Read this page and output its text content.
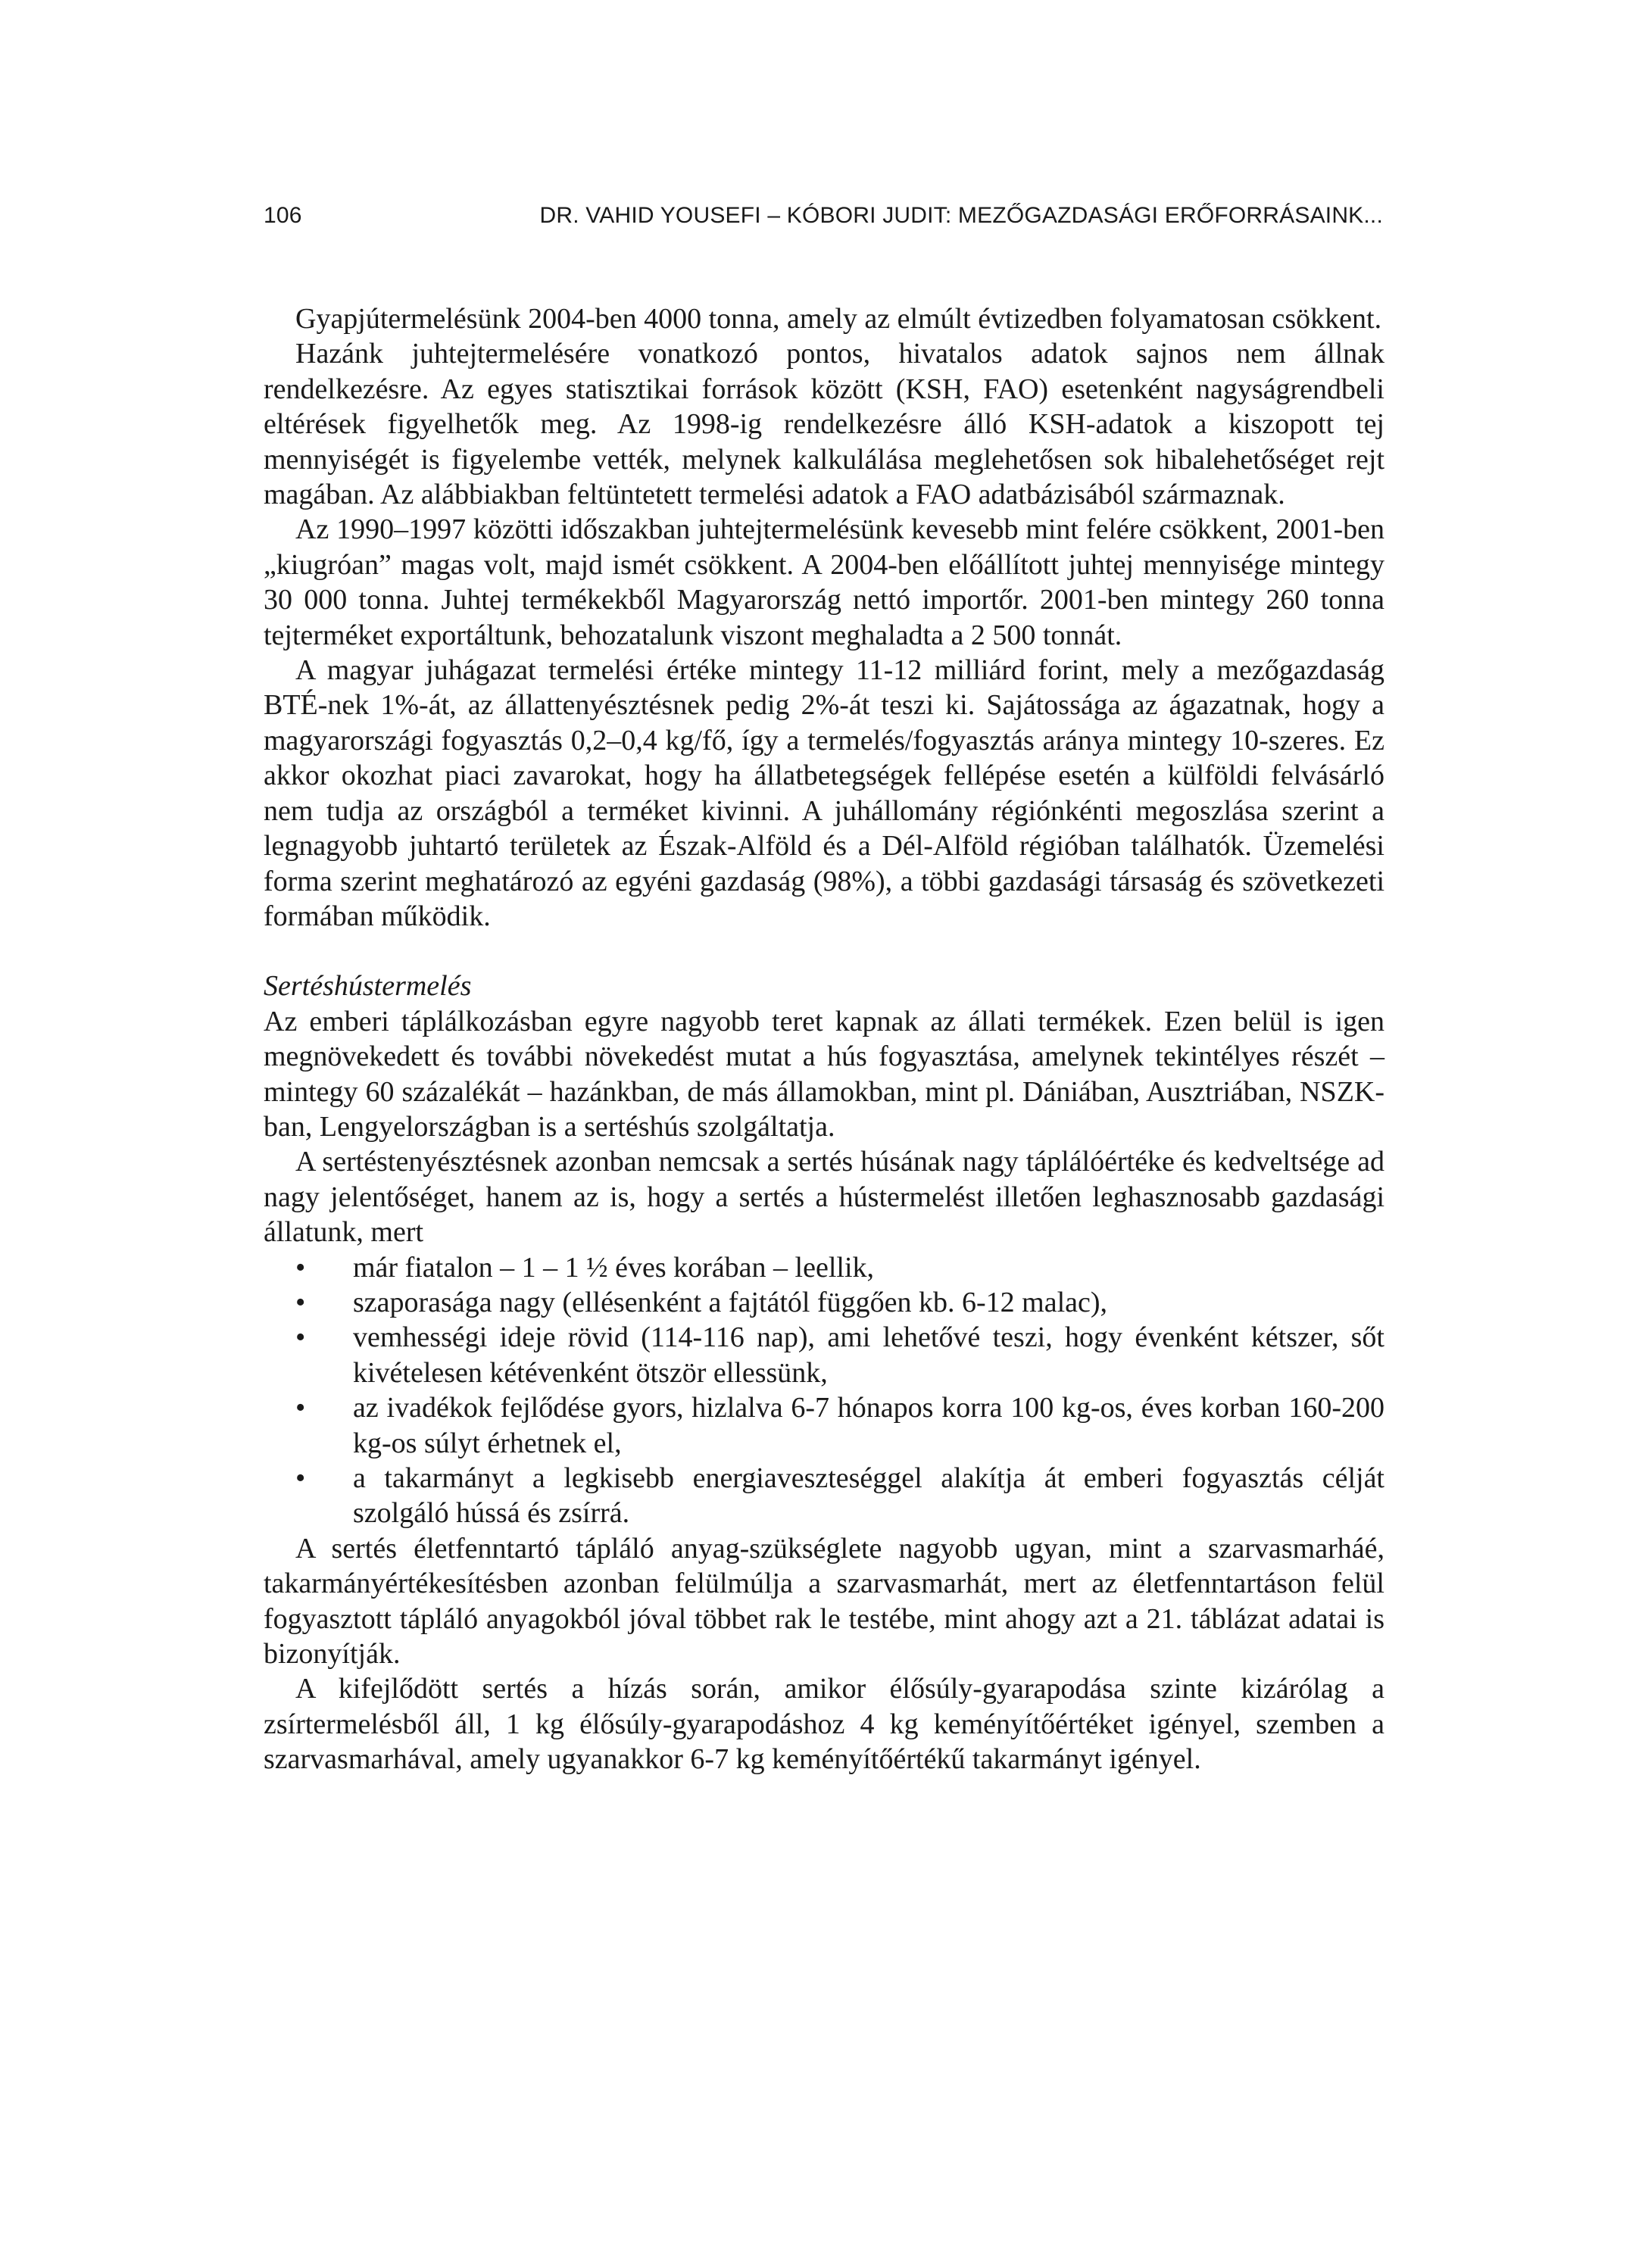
106	DR. VAHID YOUSEFI – KÓBORI JUDIT: MEZŐGAZDASÁGI ERŐFORRÁSAINK...

Gyapjútermelésünk 2004-ben 4000 tonna, amely az elmúlt évtizedben folyamatosan csökkent.

Hazánk juhtejtermelésére vonatkozó pontos, hivatalos adatok sajnos nem állnak rendelkezésre. Az egyes statisztikai források között (KSH, FAO) esetenként nagyságrendbeli eltérések figyelhetők meg. Az 1998-ig rendelkezésre álló KSH-adatok a kiszopott tej mennyiségét is figyelembe vették, melynek kalkulálása meglehetősen sok hibalehetőséget rejt magában. Az alábbiakban feltüntetett termelési adatok a FAO adatbázisából származnak.

Az 1990–1997 közötti időszakban juhtejtermelésünk kevesebb mint felére csökkent, 2001-ben „kiugróan” magas volt, majd ismét csökkent. A 2004-ben előállított juhtej mennyisége mintegy 30 000 tonna. Juhtej termékekből Magyarország nettó importőr. 2001-ben mintegy 260 tonna tejterméket exportáltunk, behozatalunk viszont meghaladta a 2 500 tonnát.

A magyar juhágazat termelési értéke mintegy 11-12 milliárd forint, mely a mezőgazdaság BTÉ-nek 1%-át, az állattenyésztésnek pedig 2%-át teszi ki. Sajátossága az ágazatnak, hogy a magyarországi fogyasztás 0,2–0,4 kg/fő, így a termelés/fogyasztás aránya mintegy 10-szeres. Ez akkor okozhat piaci zavarokat, hogy ha állatbetegségek fellépése esetén a külföldi felvásárló nem tudja az országból a terméket kivinni. A juhállomány régiónkénti megoszlása szerint a legnagyobb juhtartó területek az Észak-Alföld és a Dél-Alföld régióban találhatók. Üzemelési forma szerint meghatározó az egyéni gazdaság (98%), a többi gazdasági társaság és szövetkezeti formában működik.

Sertéshústermelés

Az emberi táplálkozásban egyre nagyobb teret kapnak az állati termékek. Ezen belül is igen megnövekedett és további növekedést mutat a hús fogyasztása, amelynek tekintélyes részét – mintegy 60 százalékát – hazánkban, de más államokban, mint pl. Dániában, Ausztriában, NSZK-ban, Lengyelországban is a sertéshús szolgáltatja.

A sertéstenyésztésnek azonban nemcsak a sertés húsának nagy táplálóértéke és kedveltsége ad nagy jelentőséget, hanem az is, hogy a sertés a hústermelést illetően leghasznosabb gazdasági állatunk, mert

• már fiatalon – 1 – 1 ½ éves korában – leellik,
• szaporasága nagy (ellésenként a fajtától függően kb. 6-12 malac),
• vemhességi ideje rövid (114-116 nap), ami lehetővé teszi, hogy évenként kétszer, sőt kivételesen kétévenként ötször ellessünk,
• az ivadékok fejlődése gyors, hizlalva 6-7 hónapos korra 100 kg-os, éves korban 160-200 kg-os súlyt érhetnek el,
• a takarmányt a legkisebb energiaveszteséggel alakítja át emberi fogyasztás célját szolgáló hússá és zsírrá.

A sertés életfenntartó tápláló anyag-szükséglete nagyobb ugyan, mint a szarvasmarháé, takarmányértékesítésben azonban felülmúlja a szarvasmarhát, mert az életfenntartáson felül fogyasztott tápláló anyagokból jóval többet rak le testébe, mint ahogy azt a 21. táblázat adatai is bizonyítják.

A kifejlődött sertés a hízás során, amikor élősúly-gyarapodása szinte kizárólag a zsírtermelésből áll, 1 kg élősúly-gyarapodáshoz 4 kg keményítőértéket igényel, szemben a szarvasmarhával, amely ugyanakkor 6-7 kg keményítőértékű takarmányt igényel.
